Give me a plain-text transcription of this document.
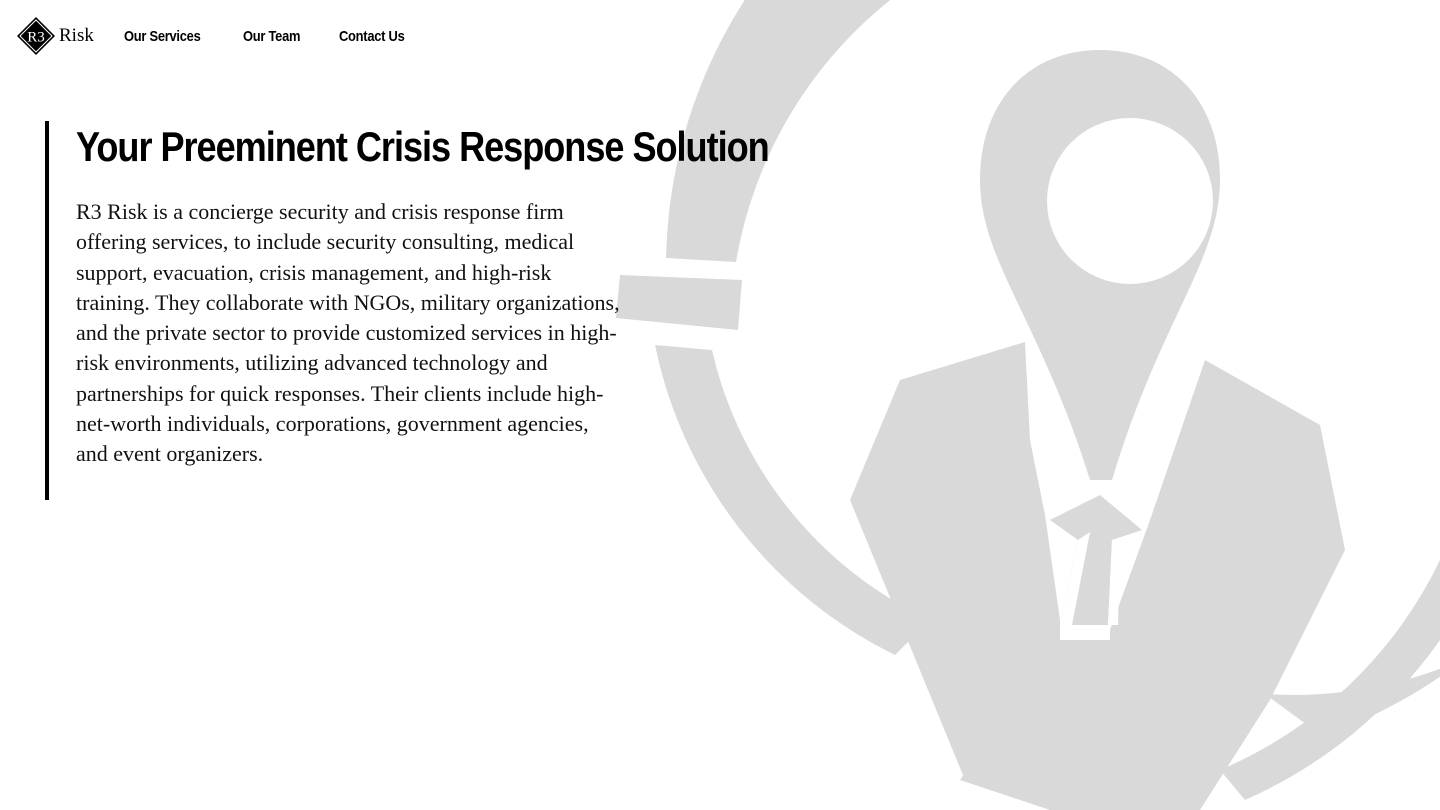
R3 Risk Our Services	Our Team	Contact Us
Your Preeminent Crisis Response Solution

R3 Risk is a concierge security and crisis response firm offering services, to include security consulting, medical support, evacuation, crisis management, and high-risk training. They collaborate with NGOs, military organizations, and the private sector to provide customized services in high-risk environments, utilizing advanced technology and partnerships for quick responses. Their clients include high-net-worth individuals, corporations, government agencies, and event organizers.
